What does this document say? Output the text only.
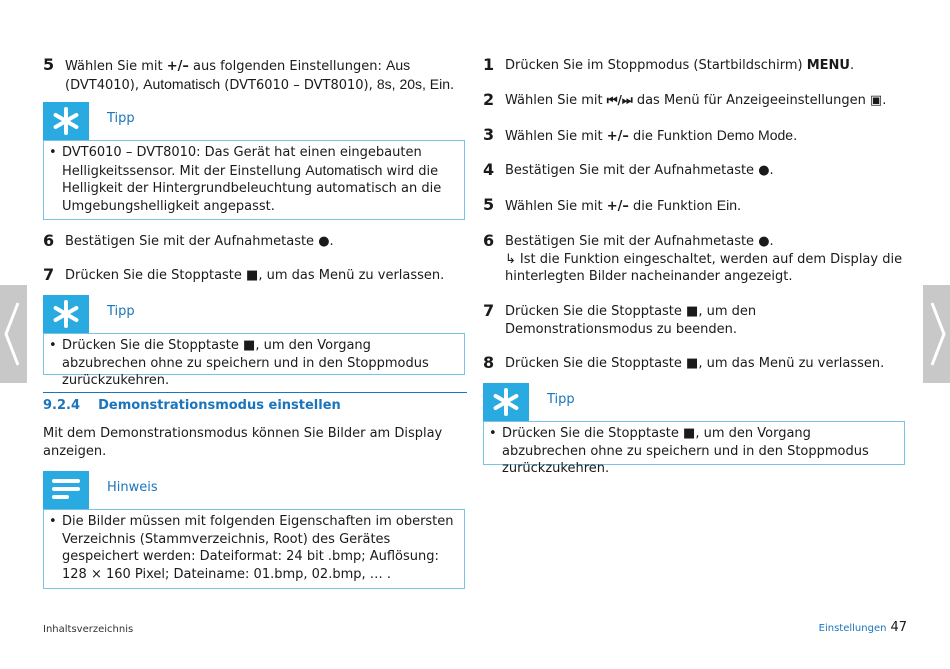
5 Wählen Sie mit +/– aus folgenden Einstellungen: Aus (DVT4010), Automatisch (DVT6010 – DVT8010), 8s, 20s, Ein.
Tipp
• DVT6010 – DVT8010: Das Gerät hat einen eingebauten Helligkeitssensor. Mit der Einstellung Automatisch wird die Helligkeit der Hintergrundbeleuchtung automatisch an die Umgebungshelligkeit angepasst.
6 Bestätigen Sie mit der Aufnahmetaste ●.
7 Drücken Sie die Stopptaste ■, um das Menü zu verlassen.
Tipp
• Drücken Sie die Stopptaste ■, um den Vorgang abzubrechen ohne zu speichern und in den Stoppmodus zurückzukehren.
9.2.4 Demonstrationsmodus einstellen
Mit dem Demonstrationsmodus können Sie Bilder am Display anzeigen.
Hinweis
• Die Bilder müssen mit folgenden Eigenschaften im obersten Verzeichnis (Stammverzeichnis, Root) des Gerätes gespeichert werden: Dateiformat: 24 bit .bmp; Auflösung: 128 × 160 Pixel; Dateiname: 01.bmp, 02.bmp, … .
1 Drücken Sie im Stoppmodus (Startbildschirm) MENU.
2 Wählen Sie mit ⏮/⏭ das Menü für Anzeigeeinstellungen ▣.
3 Wählen Sie mit +/– die Funktion Demo Mode.
4 Bestätigen Sie mit der Aufnahmetaste ●.
5 Wählen Sie mit +/– die Funktion Ein.
6 Bestätigen Sie mit der Aufnahmetaste ●.
↳ Ist die Funktion eingeschaltet, werden auf dem Display die hinterlegten Bilder nacheinander angezeigt.
7 Drücken Sie die Stopptaste ■, um den Demonstrationsmodus zu beenden.
8 Drücken Sie die Stopptaste ■, um das Menü zu verlassen.
Tipp
• Drücken Sie die Stopptaste ■, um den Vorgang abzubrechen ohne zu speichern und in den Stoppmodus zurückzukehren.
Inhaltsverzeichnis	Einstellungen 47
